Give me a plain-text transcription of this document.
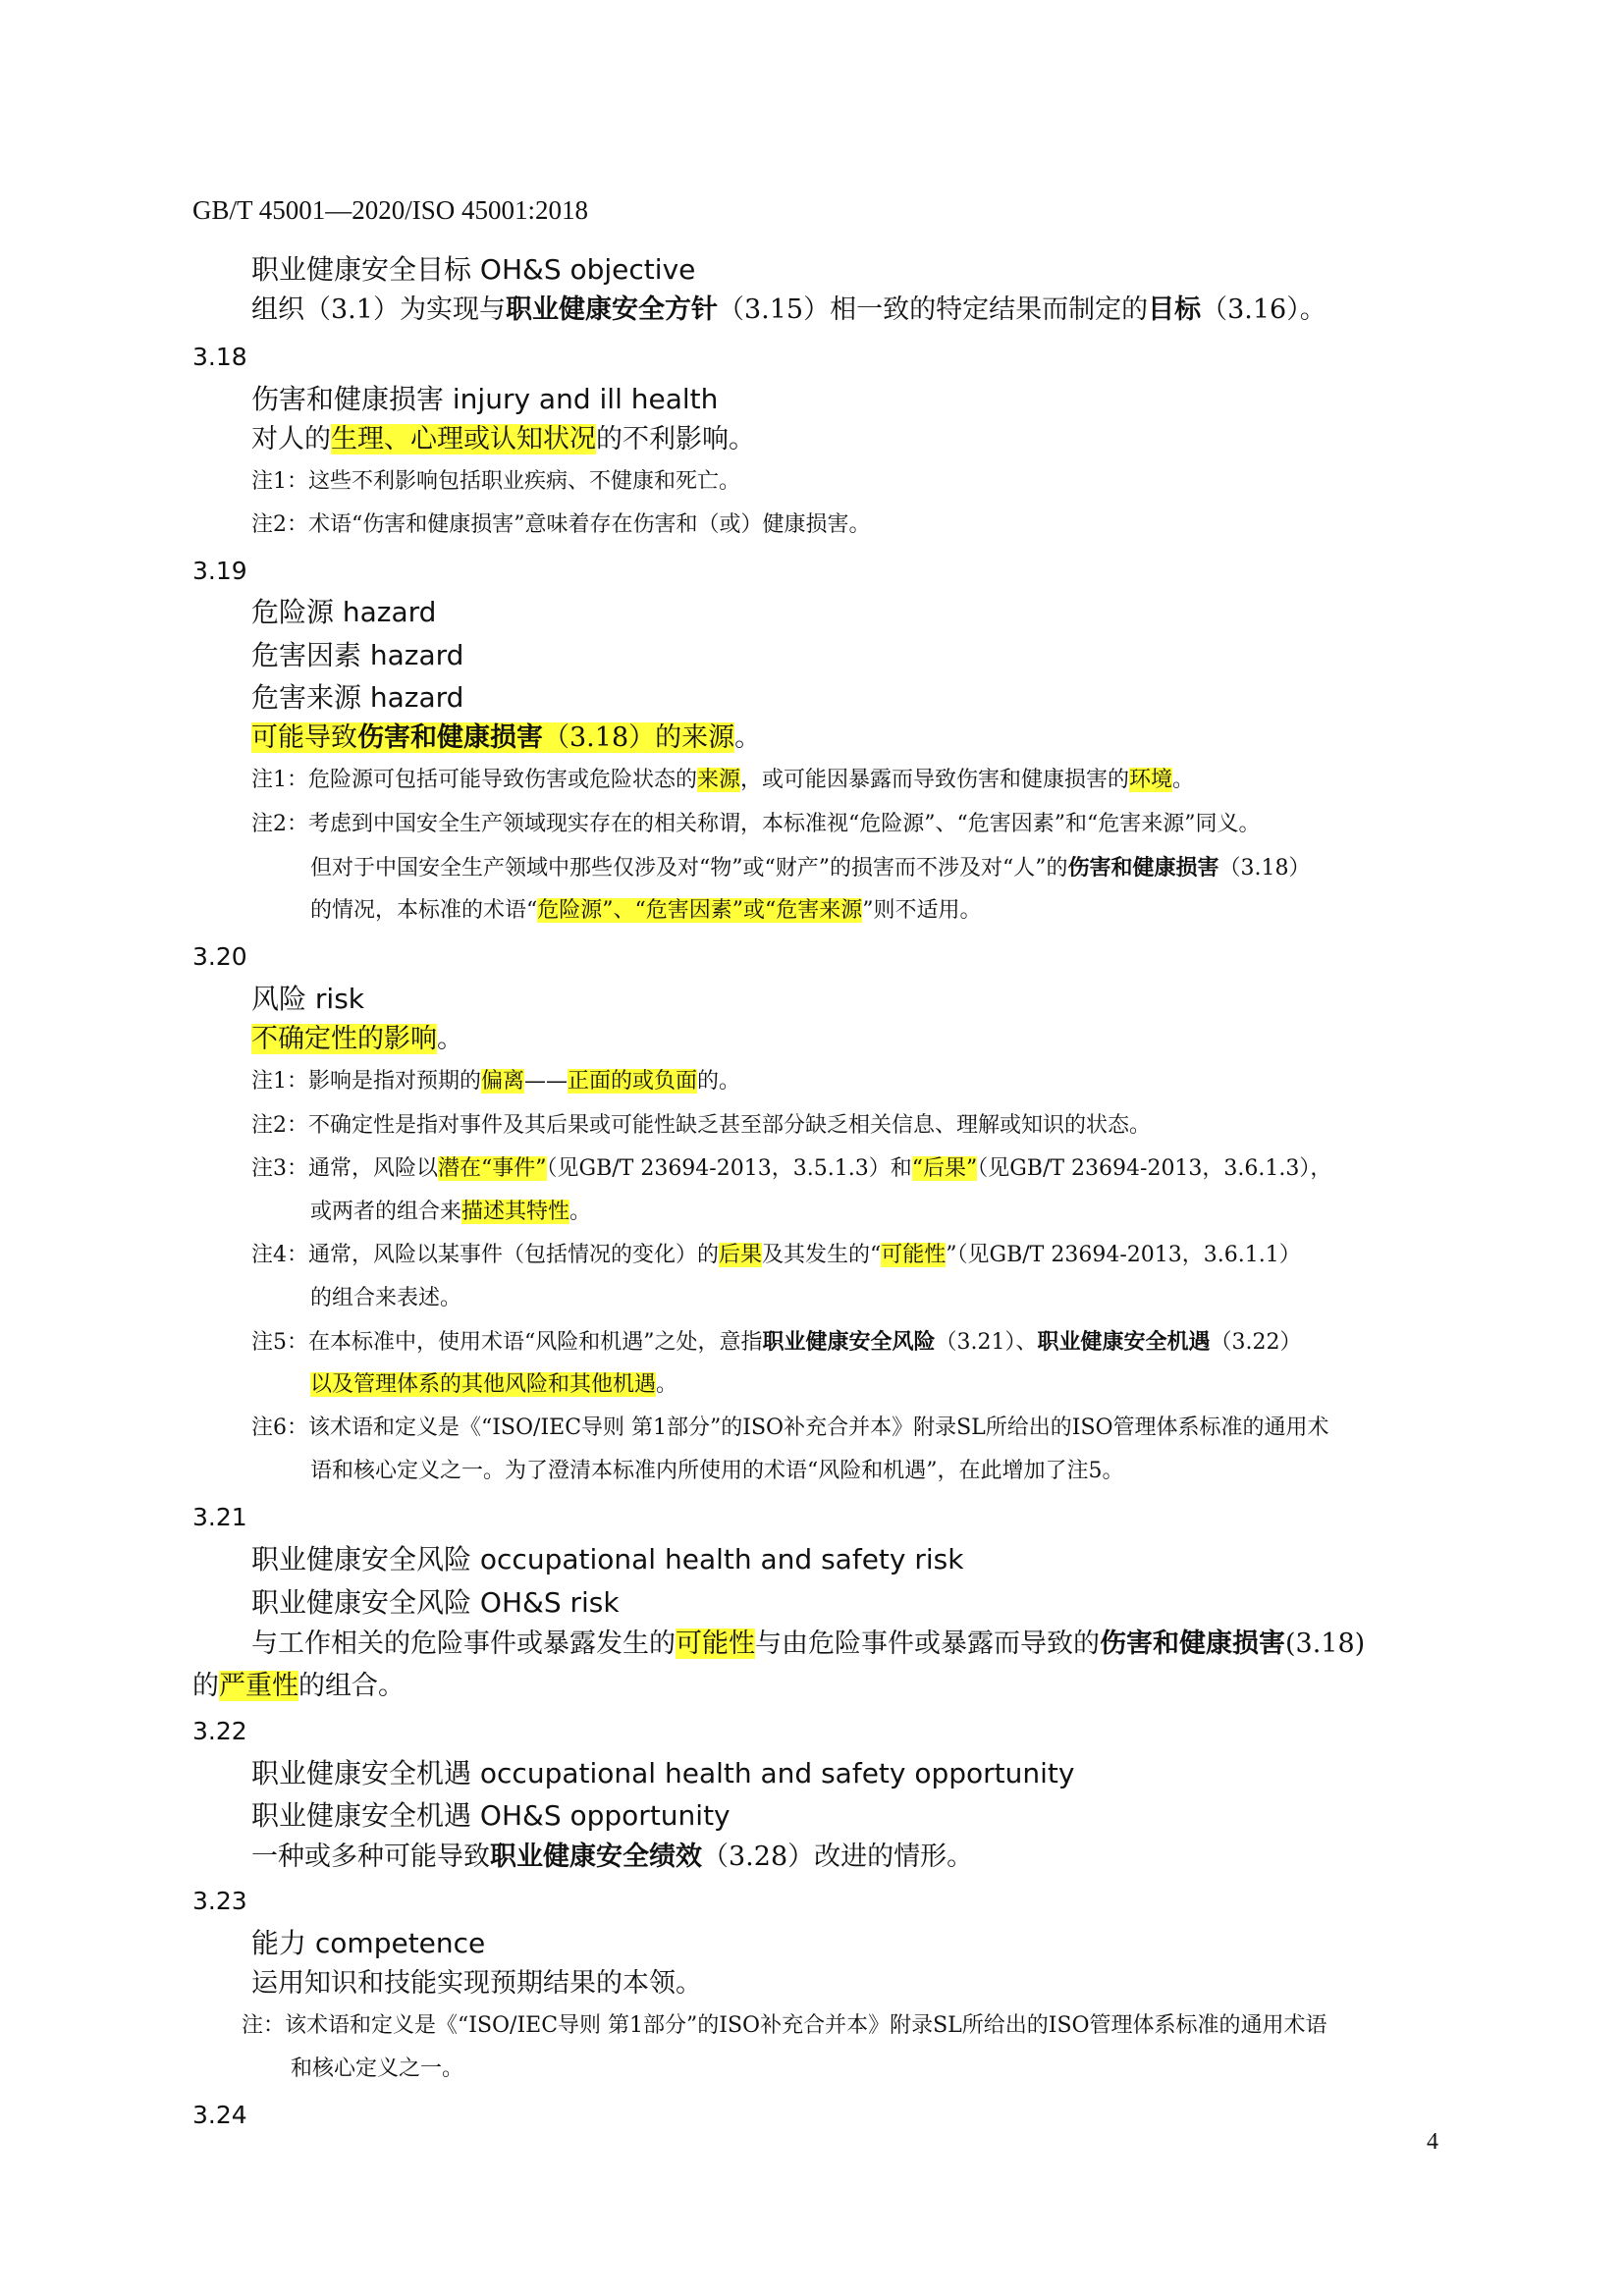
GB/T 45001—2020/ISO 45001:2018
职业健康安全目标 OH&S objective
组织（3.1）为实现与职业健康安全方针（3.15）相一致的特定结果而制定的目标（3.16）。
3.18
伤害和健康损害 injury and ill health
对人的生理、心理或认知状况的不利影响。
注1：这些不利影响包括职业疾病、不健康和死亡。
注2：术语“伤害和健康损害”意味着存在伤害和（或）健康损害。
3.19
危险源 hazard
危害因素 hazard
危害来源 hazard
可能导致伤害和健康损害（3.18）的来源。
注1：危险源可包括可能导致伤害或危险状态的来源，或可能因暴露而导致伤害和健康损害的环境。
注2：考虑到中国安全生产领域现实存在的相关称谓，本标准视“危险源”、“危害因素”和“危害来源”同义。
但对于中国安全生产领域中那些仅涉及对“物”或“财产”的损害而不涉及对“人”的伤害和健康损害（3.18）
的情况，本标准的术语“危险源”、“危害因素”或“危害来源”则不适用。
3.20
风险 risk
不确定性的影响。
注1：影响是指对预期的偏离——正面的或负面的。
注2：不确定性是指对事件及其后果或可能性缺乏甚至部分缺乏相关信息、理解或知识的状态。
注3：通常，风险以潜在“事件”（见GB/T 23694-2013，3.5.1.3）和“后果”（见GB/T 23694-2013，3.6.1.3），
或两者的组合来描述其特性。
注4：通常，风险以某事件（包括情况的变化）的后果及其发生的“可能性”（见GB/T 23694-2013，3.6.1.1）
的组合来表述。
注5：在本标准中，使用术语“风险和机遇”之处，意指职业健康安全风险（3.21）、职业健康安全机遇（3.22）
以及管理体系的其他风险和其他机遇。
注6：该术语和定义是《“ISO/IEC导则 第1部分”的ISO补充合并本》附录SL所给出的ISO管理体系标准的通用术
语和核心定义之一。为了澄清本标准内所使用的术语“风险和机遇”，在此增加了注5。
3.21
职业健康安全风险 occupational health and safety risk
职业健康安全风险 OH&S risk
与工作相关的危险事件或暴露发生的可能性与由危险事件或暴露而导致的伤害和健康损害(3.18)
的严重性的组合。
3.22
职业健康安全机遇 occupational health and safety opportunity
职业健康安全机遇 OH&S opportunity
一种或多种可能导致职业健康安全绩效（3.28）改进的情形。
3.23
能力 competence
运用知识和技能实现预期结果的本领。
注：该术语和定义是《“ISO/IEC导则 第1部分”的ISO补充合并本》附录SL所给出的ISO管理体系标准的通用术语
和核心定义之一。
3.24
4
